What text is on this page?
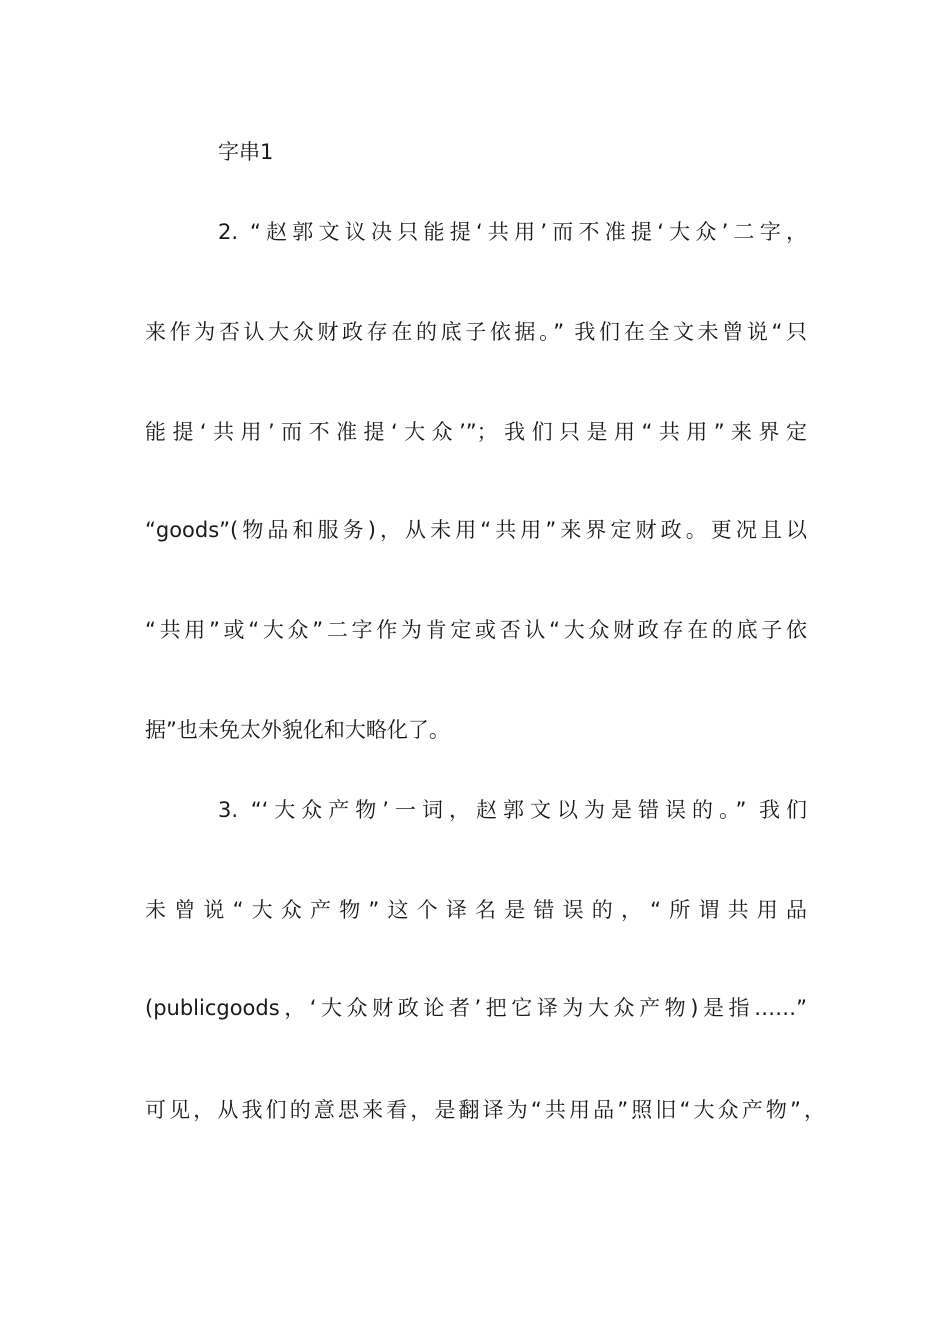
字串1
2. “赵郭文议决只能提‘共用’而不准提‘大众’二字，
来作为否认大众财政存在的底子依据。” 我们在全文未曾说“只
能提‘共用’而不准提‘大众’”；我们只是用“共用”来界定
“goods”(物品和服务)，从未用“共用”来界定财政。更况且以
“共用”或“大众”二字作为肯定或否认“大众财政存在的底子依
据”也未免太外貌化和大略化了。
3. “‘大众产物’一词，赵郭文以为是错误的。” 我们
未曾说“大众产物”这个译名是错误的，“所谓共用品
(publicgoods，‘大众财政论者’把它译为大众产物)是指……”
可见，从我们的意思来看，是翻译为“共用品”照旧“大众产物”，
